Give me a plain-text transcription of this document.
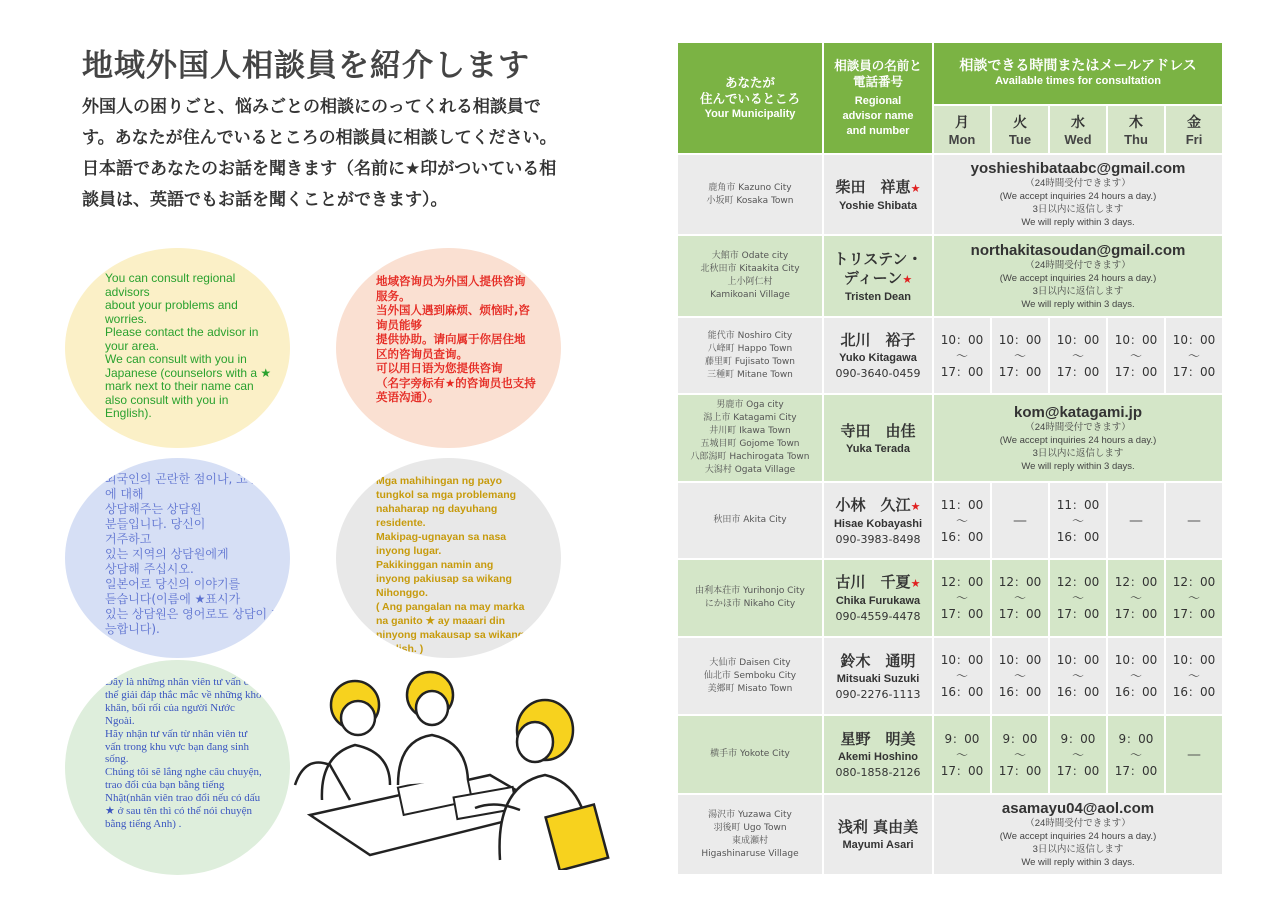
地域外国人相談員を紹介します
外国人の困りごと、悩みごとの相談にのってくれる相談員です。あなたが住んでいるところの相談員に相談してください。日本語であなたのお話を聞きます（名前に★印がついている相談員は、英語でもお話を聞くことができます）。
You can consult regional advisors
about your problems and worries.
Please contact the advisor in your area.
We can consult with you in Japanese (counselors with a ★ mark next to their name can also consult with you in English).
地域咨询员为外国人提供咨询服务。
当外国人遇到麻烦、烦恼时,咨询员能够
提供协助。请向属于你居住地区的咨询员查询。
可以用日语为您提供咨询
（名字旁标有★的咨询员也支持英语沟通）。
외국인의 곤란한 점이나, 고민거리에 대해
상담해주는 상담원
분들입니다. 당신이
거주하고
있는 지역의 상담원에게
상담해 주십시오.
일본어로 당신의 이야기를
듣습니다(이름에 ★표시가
있는 상담원은 영어로도 상담이 가능합니다).
Mga mahihingan ng payo tungkol sa mga problemang nahaharap ng dayuhang residente.
Makipag-ugnayan sa nasa inyong lugar.
Pakikinggan namin ang inyong pakiusap sa wikang Nihonggo.
( Ang pangalan na may marka na ganito ★ ay maaari din ninyong makausap sa wikang English. )
Đây là những nhân viên tư vấn có thể giải đáp thắc mắc về những khó khăn, bối rối của người Nước Ngoài.
Hãy nhận tư vấn từ nhân viên tư vấn trong khu vực bạn đang sinh sống.
Chúng tôi sẽ lắng nghe câu chuyện, trao đổi của bạn bằng tiếng Nhật(nhân viên trao đổi nếu có dấu ★ ở sau tên thì có thể nói chuyện bằng tiếng Anh) .
あなたが
住んでいるところ
Your Municipality
相談員の名前と
電話番号
Regional
advisor name
and number
相談できる時間またはメールアドレス
Available times for consultation
月
Mon
火
Tue
水
Wed
木
Thu
金
Fri
鹿角市 Kazuno City
小坂町 Kosaka Town
柴田　祥恵★
Yoshie Shibata
yoshieshibataabc@gmail.com
（24時間受付できます）
(We accept inquiries 24 hours a day.)
3日以内に返信します
We will reply within 3 days.
大館市 Odate city
北秋田市 Kitaakita City
上小阿仁村
Kamikoani Village
トリステン・
ディーン★
Tristen Dean
northakitasoudan@gmail.com
（24時間受付できます）
(We accept inquiries 24 hours a day.)
3日以内に返信します
We will reply within 3 days.
能代市 Noshiro City
八峰町 Happo Town
藤里町 Fujisato Town
三種町 Mitane Town
北川　裕子
Yuko Kitagawa
090-3640-0459
10：00
〜
17：00
10：00
〜
17：00
10：00
〜
17：00
10：00
〜
17：00
10：00
〜
17：00
男鹿市 Oga city
潟上市 Katagami City
井川町 Ikawa Town
五城目町 Gojome Town
八郎潟町 Hachirogata Town
大潟村 Ogata Village
寺田　由佳
Yuka Terada
kom@katagami.jp
（24時間受付できます）
(We accept inquiries 24 hours a day.)
3日以内に返信します
We will reply within 3 days.
秋田市 Akita City
小林　久江★
Hisae Kobayashi
090-3983-8498
11：00
〜
16：00
—
11：00
〜
16：00
—	—
由利本荘市 Yurihonjo City
にかほ市 Nikaho City
古川　千夏★
Chika Furukawa
090-4559-4478
12：00
〜
17：00
12：00
〜
17：00
12：00
〜
17：00
12：00
〜
17：00
12：00
〜
17：00
大仙市 Daisen City
仙北市 Semboku City
美郷町 Misato Town
鈴木　通明
Mitsuaki Suzuki
090-2276-1113
10：00
〜
16：00
10：00
〜
16：00
10：00
〜
16：00
10：00
〜
16：00
10：00
〜
16：00
横手市 Yokote City
星野　明美
Akemi Hoshino
080-1858-2126
9：00
〜
17：00
9：00
〜
17：00
9：00
〜
17：00
9：00
〜
17：00
—
湯沢市 Yuzawa City
羽後町 Ugo Town
東成瀬村
Higashinaruse Village
浅利 真由美
Mayumi Asari
asamayu04@aol.com
（24時間受付できます）
(We accept inquiries 24 hours a day.)
3日以内に返信します
We will reply within 3 days.
